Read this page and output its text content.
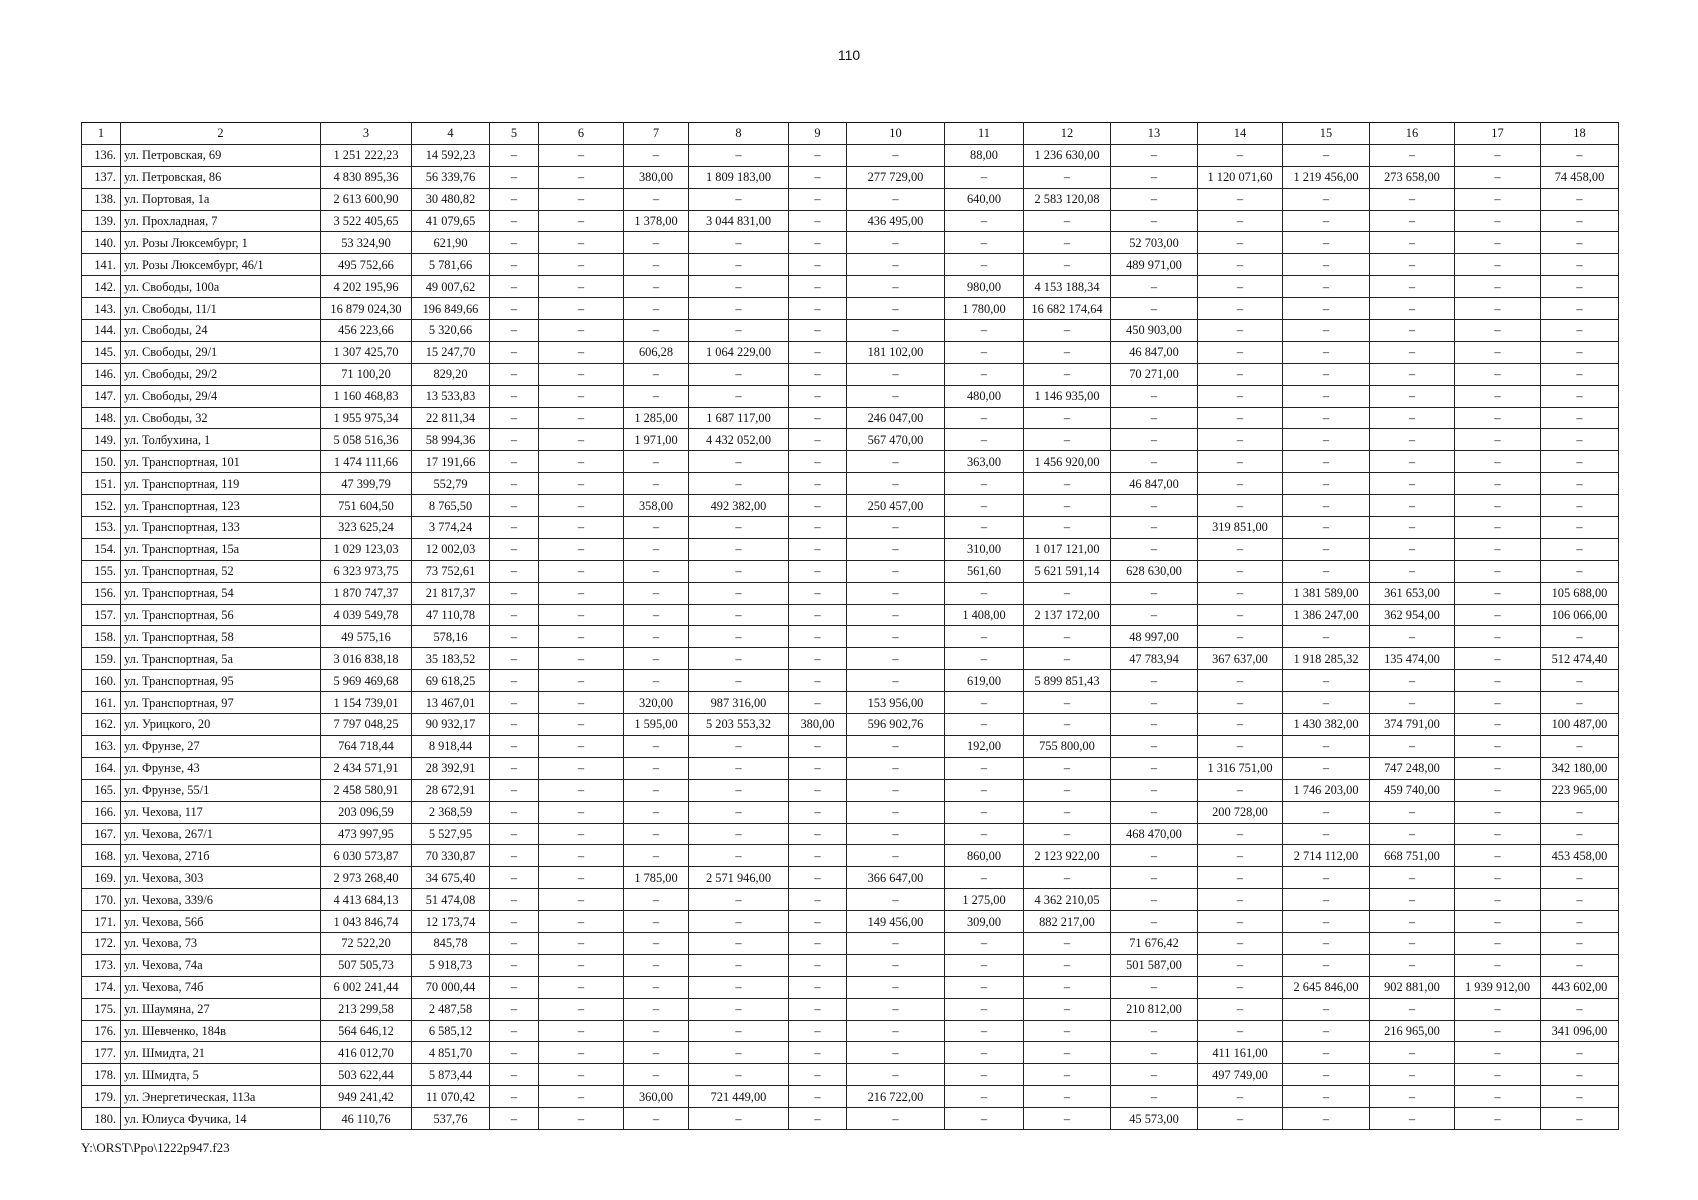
110
1	2	3	4	5	6	7	8	9	10	11	12	13	14	15	16	17	18
136.	ул. Петровская, 69	1 251 222,23	14 592,23	–	–	–	–	–	–	88,00	1 236 630,00	–	–	–	–	–	–
137.	ул. Петровская, 86	4 830 895,36	56 339,76	–	–	380,00	1 809 183,00	–	277 729,00	–	–	–	1 120 071,60	1 219 456,00	273 658,00	–	74 458,00
138.	ул. Портовая, 1а	2 613 600,90	30 480,82	–	–	–	–	–	–	640,00	2 583 120,08	–	–	–	–	–	–
139.	ул. Прохладная, 7	3 522 405,65	41 079,65	–	–	1 378,00	3 044 831,00	–	436 495,00	–	–	–	–	–	–	–	–
140.	ул. Розы Люксембург, 1	53 324,90	621,90	–	–	–	–	–	–	–	–	52 703,00	–	–	–	–	–
141.	ул. Розы Люксембург, 46/1	495 752,66	5 781,66	–	–	–	–	–	–	–	–	489 971,00	–	–	–	–	–
142.	ул. Свободы, 100а	4 202 195,96	49 007,62	–	–	–	–	–	–	980,00	4 153 188,34	–	–	–	–	–	–
143.	ул. Свободы, 11/1	16 879 024,30	196 849,66	–	–	–	–	–	–	1 780,00	16 682 174,64	–	–	–	–	–	–
144.	ул. Свободы, 24	456 223,66	5 320,66	–	–	–	–	–	–	–	–	450 903,00	–	–	–	–	–
145.	ул. Свободы, 29/1	1 307 425,70	15 247,70	–	–	606,28	1 064 229,00	–	181 102,00	–	–	46 847,00	–	–	–	–	–
146.	ул. Свободы, 29/2	71 100,20	829,20	–	–	–	–	–	–	–	–	70 271,00	–	–	–	–	–
147.	ул. Свободы, 29/4	1 160 468,83	13 533,83	–	–	–	–	–	–	480,00	1 146 935,00	–	–	–	–	–	–
148.	ул. Свободы, 32	1 955 975,34	22 811,34	–	–	1 285,00	1 687 117,00	–	246 047,00	–	–	–	–	–	–	–	–
149.	ул. Толбухина, 1	5 058 516,36	58 994,36	–	–	1 971,00	4 432 052,00	–	567 470,00	–	–	–	–	–	–	–	–
150.	ул. Транспортная, 101	1 474 111,66	17 191,66	–	–	–	–	–	–	363,00	1 456 920,00	–	–	–	–	–	–
151.	ул. Транспортная, 119	47 399,79	552,79	–	–	–	–	–	–	–	–	46 847,00	–	–	–	–	–
152.	ул. Транспортная, 123	751 604,50	8 765,50	–	–	358,00	492 382,00	–	250 457,00	–	–	–	–	–	–	–	–
153.	ул. Транспортная, 133	323 625,24	3 774,24	–	–	–	–	–	–	–	–	–	319 851,00	–	–	–	–
154.	ул. Транспортная, 15а	1 029 123,03	12 002,03	–	–	–	–	–	–	310,00	1 017 121,00	–	–	–	–	–	–
155.	ул. Транспортная, 52	6 323 973,75	73 752,61	–	–	–	–	–	–	561,60	5 621 591,14	628 630,00	–	–	–	–	–
156.	ул. Транспортная, 54	1 870 747,37	21 817,37	–	–	–	–	–	–	–	–	–	–	1 381 589,00	361 653,00	–	105 688,00
157.	ул. Транспортная, 56	4 039 549,78	47 110,78	–	–	–	–	–	–	1 408,00	2 137 172,00	–	–	1 386 247,00	362 954,00	–	106 066,00
158.	ул. Транспортная, 58	49 575,16	578,16	–	–	–	–	–	–	–	–	48 997,00	–	–	–	–	–
159.	ул. Транспортная, 5а	3 016 838,18	35 183,52	–	–	–	–	–	–	–	–	47 783,94	367 637,00	1 918 285,32	135 474,00	–	512 474,40
160.	ул. Транспортная, 95	5 969 469,68	69 618,25	–	–	–	–	–	–	619,00	5 899 851,43	–	–	–	–	–	–
161.	ул. Транспортная, 97	1 154 739,01	13 467,01	–	–	320,00	987 316,00	–	153 956,00	–	–	–	–	–	–	–	–
162.	ул. Урицкого, 20	7 797 048,25	90 932,17	–	–	1 595,00	5 203 553,32	380,00	596 902,76	–	–	–	–	1 430 382,00	374 791,00	–	100 487,00
163.	ул. Фрунзе, 27	764 718,44	8 918,44	–	–	–	–	–	–	192,00	755 800,00	–	–	–	–	–	–
164.	ул. Фрунзе, 43	2 434 571,91	28 392,91	–	–	–	–	–	–	–	–	–	1 316 751,00	–	747 248,00	–	342 180,00
165.	ул. Фрунзе, 55/1	2 458 580,91	28 672,91	–	–	–	–	–	–	–	–	–	–	1 746 203,00	459 740,00	–	223 965,00
166.	ул. Чехова, 117	203 096,59	2 368,59	–	–	–	–	–	–	–	–	–	200 728,00	–	–	–	–
167.	ул. Чехова, 267/1	473 997,95	5 527,95	–	–	–	–	–	–	–	–	468 470,00	–	–	–	–	–
168.	ул. Чехова, 271б	6 030 573,87	70 330,87	–	–	–	–	–	–	860,00	2 123 922,00	–	–	2 714 112,00	668 751,00	–	453 458,00
169.	ул. Чехова, 303	2 973 268,40	34 675,40	–	–	1 785,00	2 571 946,00	–	366 647,00	–	–	–	–	–	–	–	–
170.	ул. Чехова, 339/6	4 413 684,13	51 474,08	–	–	–	–	–	–	1 275,00	4 362 210,05	–	–	–	–	–	–
171.	ул. Чехова, 56б	1 043 846,74	12 173,74	–	–	–	–	–	149 456,00	309,00	882 217,00	–	–	–	–	–	–
172.	ул. Чехова, 73	72 522,20	845,78	–	–	–	–	–	–	–	–	71 676,42	–	–	–	–	–
173.	ул. Чехова, 74а	507 505,73	5 918,73	–	–	–	–	–	–	–	–	501 587,00	–	–	–	–	–
174.	ул. Чехова, 74б	6 002 241,44	70 000,44	–	–	–	–	–	–	–	–	–	–	2 645 846,00	902 881,00	1 939 912,00	443 602,00
175.	ул. Шаумяна, 27	213 299,58	2 487,58	–	–	–	–	–	–	–	–	210 812,00	–	–	–	–	–
176.	ул. Шевченко, 184в	564 646,12	6 585,12	–	–	–	–	–	–	–	–	–	–	–	216 965,00	–	341 096,00
177.	ул. Шмидта, 21	416 012,70	4 851,70	–	–	–	–	–	–	–	–	–	411 161,00	–	–	–	–
178.	ул. Шмидта, 5	503 622,44	5 873,44	–	–	–	–	–	–	–	–	–	497 749,00	–	–	–	–
179.	ул. Энергетическая, 113а	949 241,42	11 070,42	–	–	360,00	721 449,00	–	216 722,00	–	–	–	–	–	–	–	–
180.	ул. Юлиуса Фучика, 14	46 110,76	537,76	–	–	–	–	–	–	–	–	45 573,00	–	–	–	–	–
Y:\ORST\Ppo\1222p947.f23
